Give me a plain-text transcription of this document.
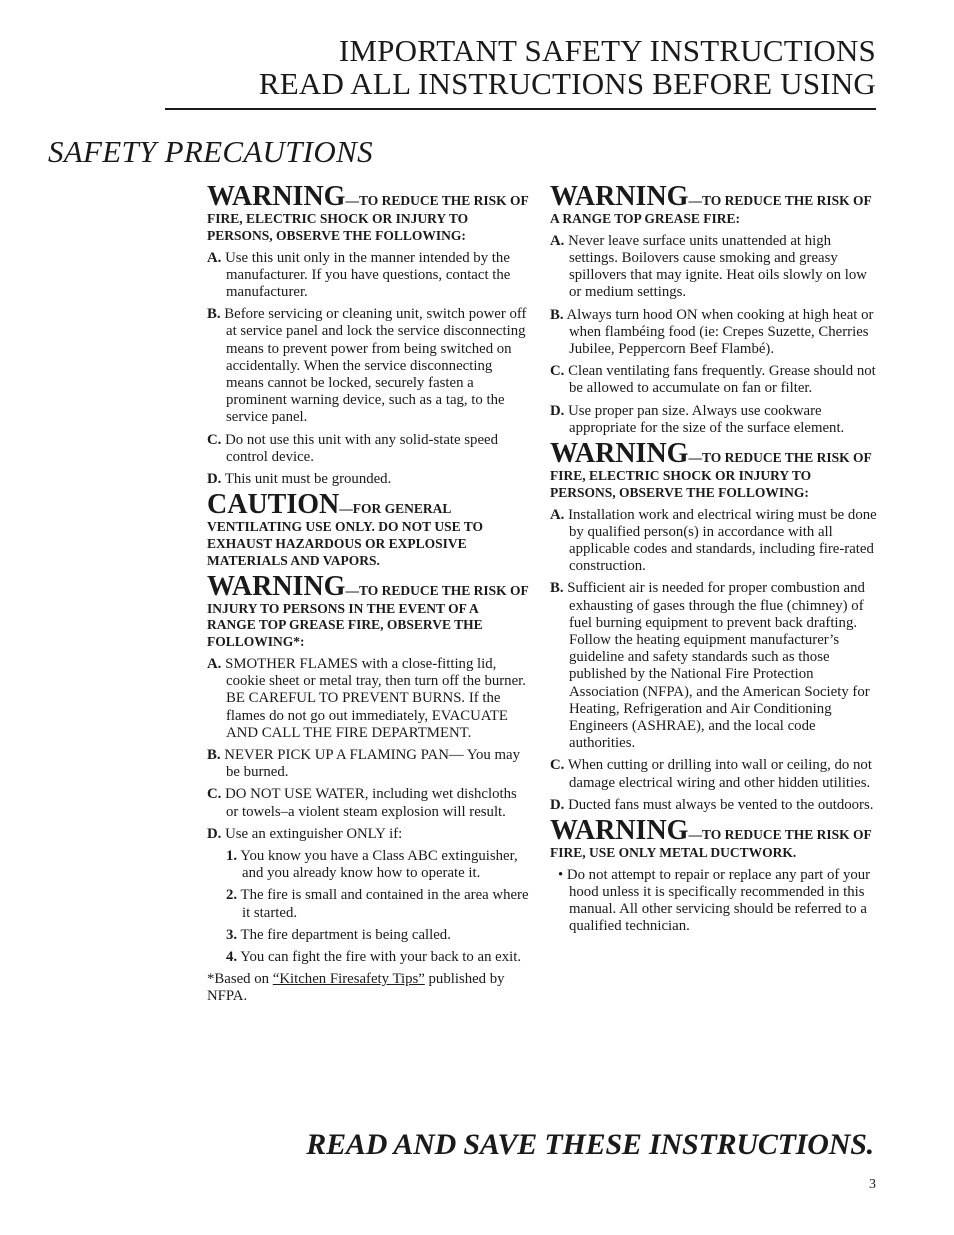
IMPORTANT SAFETY INSTRUCTIONS
READ ALL INSTRUCTIONS BEFORE USING
SAFETY PRECAUTIONS
WARNING—TO REDUCE THE RISK OF FIRE, ELECTRIC SHOCK OR INJURY TO PERSONS, OBSERVE THE FOLLOWING:
A. Use this unit only in the manner intended by the manufacturer. If you have questions, contact the manufacturer.
B. Before servicing or cleaning unit, switch power off at service panel and lock the service disconnecting means to prevent power from being switched on accidentally. When the service disconnecting means cannot be locked, securely fasten a prominent warning device, such as a tag, to the service panel.
C. Do not use this unit with any solid-state speed control device.
D. This unit must be grounded.
CAUTION—FOR GENERAL VENTILATING USE ONLY. DO NOT USE TO EXHAUST HAZARDOUS OR EXPLOSIVE MATERIALS AND VAPORS.
WARNING—TO REDUCE THE RISK OF INJURY TO PERSONS IN THE EVENT OF A RANGE TOP GREASE FIRE, OBSERVE THE FOLLOWING*:
A. SMOTHER FLAMES with a close-fitting lid, cookie sheet or metal tray, then turn off the burner. BE CAREFUL TO PREVENT BURNS. If the flames do not go out immediately, EVACUATE AND CALL THE FIRE DEPARTMENT.
B. NEVER PICK UP A FLAMING PAN— You may be burned.
C. DO NOT USE WATER, including wet dishcloths or towels–a violent steam explosion will result.
D. Use an extinguisher ONLY if:
1. You know you have a Class ABC extinguisher, and you already know how to operate it.
2. The fire is small and contained in the area where it started.
3. The fire department is being called.
4. You can fight the fire with your back to an exit.
*Based on “Kitchen Firesafety Tips” published by NFPA.
WARNING—TO REDUCE THE RISK OF A RANGE TOP GREASE FIRE:
A. Never leave surface units unattended at high settings. Boilovers cause smoking and greasy spillovers that may ignite. Heat oils slowly on low or medium settings.
B. Always turn hood ON when cooking at high heat or when flambéing food (ie: Crepes Suzette, Cherries Jubilee, Peppercorn Beef Flambé).
C. Clean ventilating fans frequently. Grease should not be allowed to accumulate on fan or filter.
D. Use proper pan size. Always use cookware appropriate for the size of the surface element.
WARNING—TO REDUCE THE RISK OF FIRE, ELECTRIC SHOCK OR INJURY TO PERSONS, OBSERVE THE FOLLOWING:
A. Installation work and electrical wiring must be done by qualified person(s) in accordance with all applicable codes and standards, including fire-rated construction.
B. Sufficient air is needed for proper combustion and exhausting of gases through the flue (chimney) of fuel burning equipment to prevent back drafting. Follow the heating equipment manufacturer’s guideline and safety standards such as those published by the National Fire Protection Association (NFPA), and the American Society for Heating, Refrigeration and Air Conditioning Engineers (ASHRAE), and the local code authorities.
C. When cutting or drilling into wall or ceiling, do not damage electrical wiring and other hidden utilities.
D. Ducted fans must always be vented to the outdoors.
WARNING—TO REDUCE THE RISK OF FIRE, USE ONLY METAL DUCTWORK.
• Do not attempt to repair or replace any part of your hood unless it is specifically recommended in this manual. All other servicing should be referred to a qualified technician.
READ AND SAVE THESE INSTRUCTIONS.
3
